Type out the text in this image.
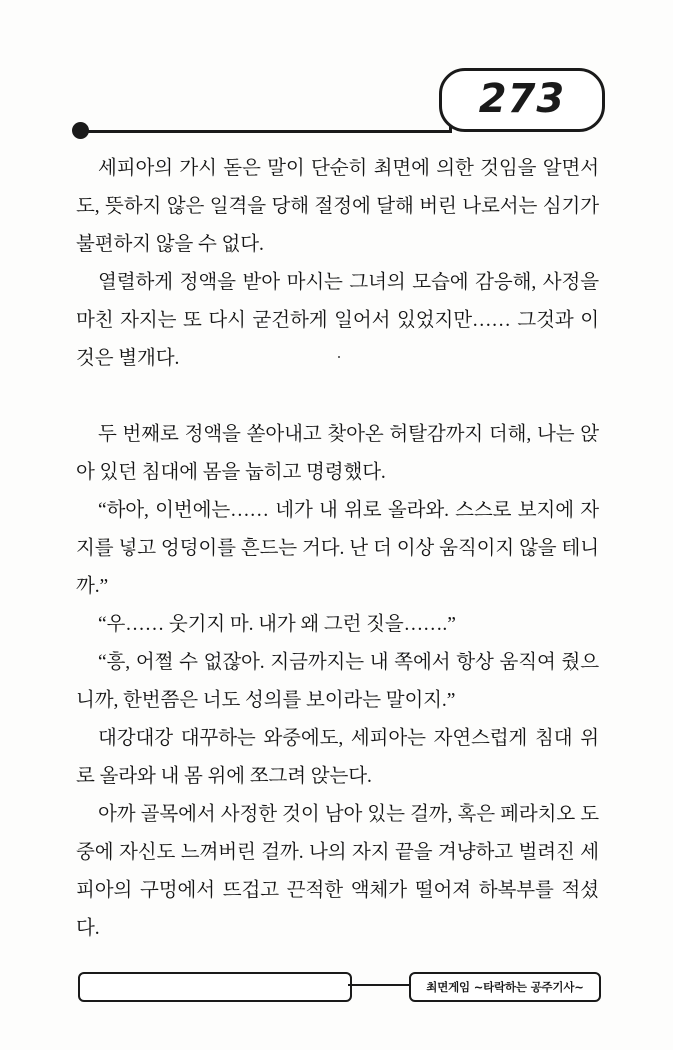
273

세피아의 가시 돋은 말이 단순히 최면에 의한 것임을 알면서도, 뜻하지 않은 일격을 당해 절정에 달해 버린 나로서는 심기가 불편하지 않을 수 없다.

열렬하게 정액을 받아 마시는 그녀의 모습에 감응해, 사정을 마친 자지는 또 다시 굳건하게 일어서 있었지만…… 그것과 이것은 별개다.

두 번째로 정액을 쏟아내고 찾아온 허탈감까지 더해, 나는 앉아 있던 침대에 몸을 눕히고 명령했다.

“하아, 이번에는…… 네가 내 위로 올라와. 스스로 보지에 자지를 넣고 엉덩이를 흔드는 거다. 난 더 이상 움직이지 않을 테니까.”

“우…… 웃기지 마. 내가 왜 그런 짓을…….”

“흥, 어쩔 수 없잖아. 지금까지는 내 쪽에서 항상 움직여 줬으니까, 한번쯤은 너도 성의를 보이라는 말이지.”

대강대강 대꾸하는 와중에도, 세피아는 자연스럽게 침대 위로 올라와 내 몸 위에 쪼그려 앉는다.

아까 골목에서 사정한 것이 남아 있는 걸까, 혹은 페라치오 도중에 자신도 느껴버린 걸까. 나의 자지 끝을 겨냥하고 벌려진 세피아의 구멍에서 뜨겁고 끈적한 액체가 떨어져 하복부를 적셨다.

최면게임 ~타락하는 공주기사~
